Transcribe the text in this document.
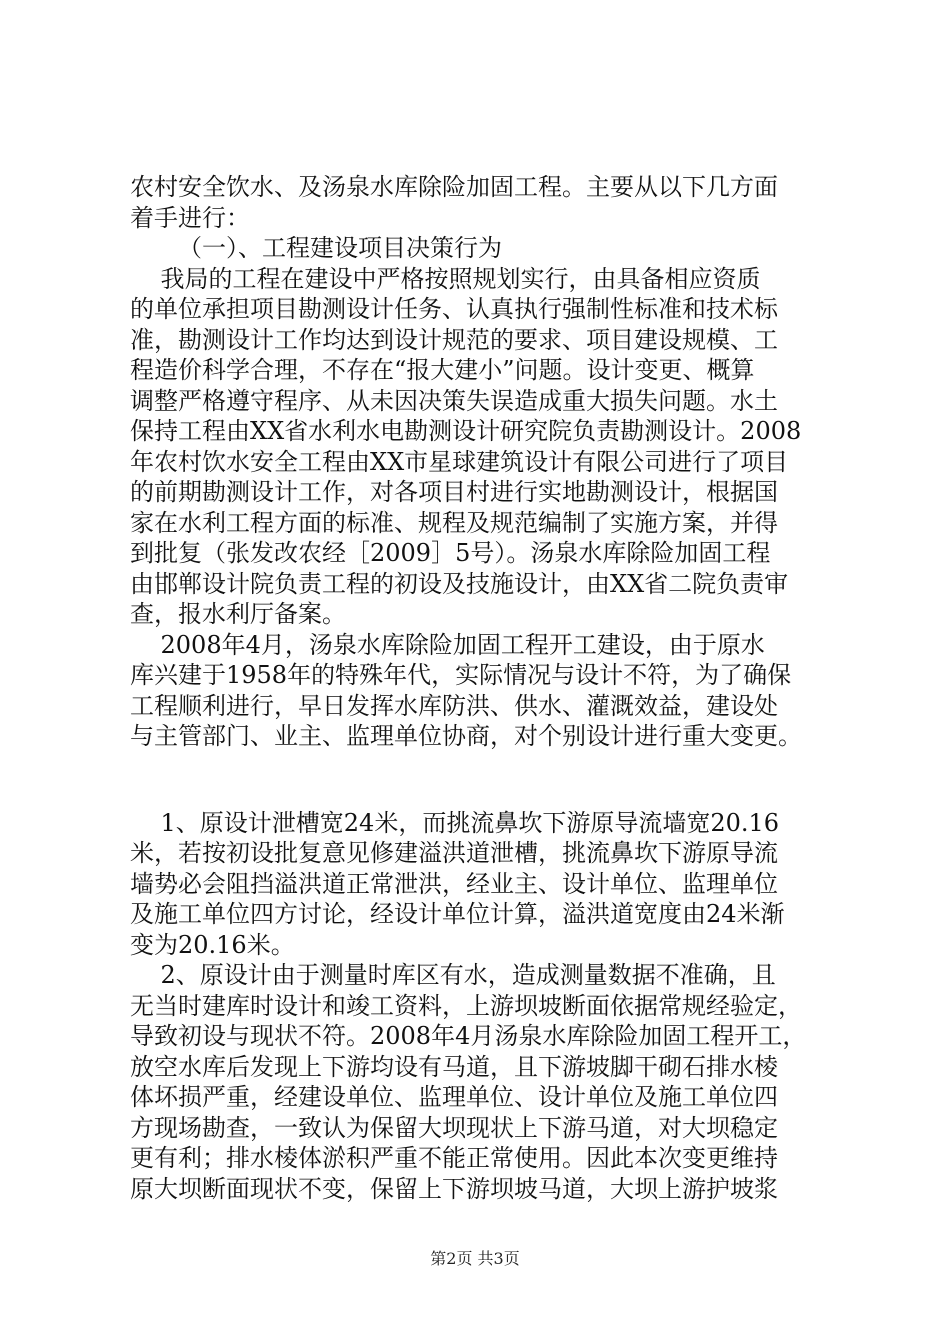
农村安全饮水、及汤泉水库除险加固工程。主要从以下几方面
着手进行：
（一）、工程建设项目决策行为
我局的工程在建设中严格按照规划实行，由具备相应资质
的单位承担项目勘测设计任务、认真执行强制性标准和技术标
准，勘测设计工作均达到设计规范的要求、项目建设规模、工
程造价科学合理，不存在“报大建小”问题。设计变更、概算
调整严格遵守程序、从未因决策失误造成重大损失问题。水土
保持工程由XX省水利水电勘测设计研究院负责勘测设计。2008
年农村饮水安全工程由XX市星球建筑设计有限公司进行了项目
的前期勘测设计工作，对各项目村进行实地勘测设计，根据国
家在水利工程方面的标准、规程及规范编制了实施方案，并得
到批复（张发改农经［2009］5号）。汤泉水库除险加固工程
由邯郸设计院负责工程的初设及技施设计，由XX省二院负责审
查，报水利厅备案。
2008年4月，汤泉水库除险加固工程开工建设，由于原水
库兴建于1958年的特殊年代，实际情况与设计不符，为了确保
工程顺利进行，早日发挥水库防洪、供水、灌溉效益，建设处
与主管部门、业主、监理单位协商，对个别设计进行重大变更。
1、原设计泄槽宽24米，而挑流鼻坎下游原导流墙宽20.16
米，若按初设批复意见修建溢洪道泄槽，挑流鼻坎下游原导流
墙势必会阻挡溢洪道正常泄洪，经业主、设计单位、监理单位
及施工单位四方讨论，经设计单位计算，溢洪道宽度由24米渐
变为20.16米。
2、原设计由于测量时库区有水，造成测量数据不准确，且
无当时建库时设计和竣工资料，上游坝坡断面依据常规经验定，
导致初设与现状不符。2008年4月汤泉水库除险加固工程开工，
放空水库后发现上下游均设有马道，且下游坡脚干砌石排水棱
体坏损严重，经建设单位、监理单位、设计单位及施工单位四
方现场勘查，一致认为保留大坝现状上下游马道，对大坝稳定
更有利；排水棱体淤积严重不能正常使用。因此本次变更维持
原大坝断面现状不变，保留上下游坝坡马道，大坝上游护坡浆
第2页 共3页
